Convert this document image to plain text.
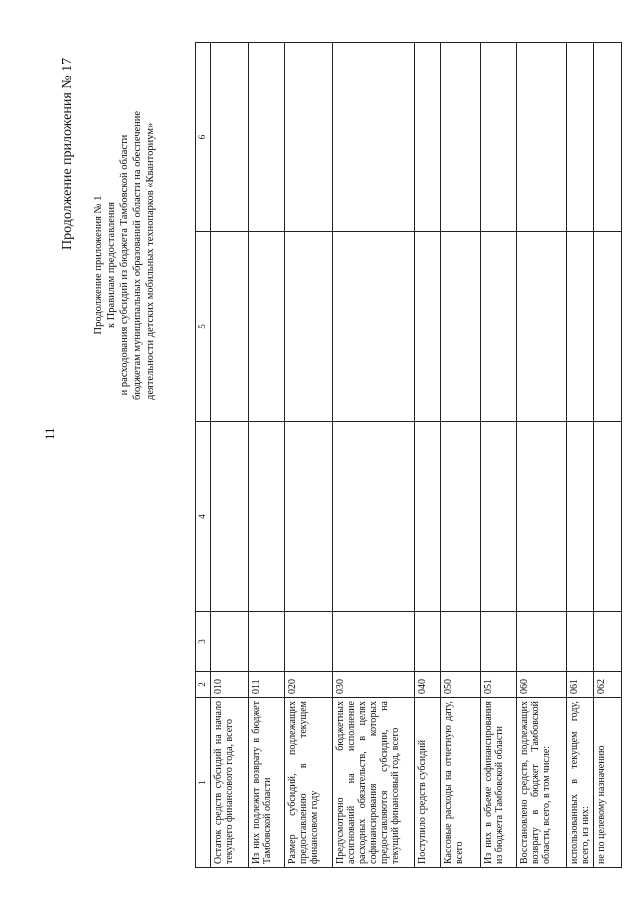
11
Продолжение приложения № 17
Продолжение приложения № 1 к Правилам предоставления и расходования субсидий из бюджета Тамбовской области бюджетам муниципальных образований области на обеспечение деятельности детских мобильных технопарков «Кванториум»
1	2	3	4	5	6
Остаток средств субсидий на начало текущего финансового года, всего	010				
Из них подлежит возврату в бюджет Тамбовской области	011				
Размер субсидий, подлежащих предоставлению в текущем финансовом году	020				
Предусмотрено бюджетных ассигнований на исполнение расходных обязательств, в целях софинансирования которых предоставляются субсидии, на текущий финансовый год, всего	030				
Поступило средств субсидий	040				
Кассовые расходы на отчетную дату, всего	050				
Из них в объеме софинансирования из бюджета Тамбовской области	051				
Восстановлено средств, подлежащих возврату в бюджет Тамбовской области, всего, в том числе:	060				
использованных в текущем году, всего, из них:	061				
не по целевому назначению	062				
